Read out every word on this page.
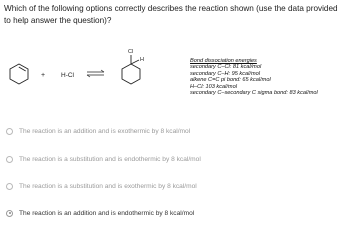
Which of the following options correctly describes the reaction shown (use the data provided to help answer the question)?
+ H-Cl
Cl
H	Bond dissociation energies
secondary C–Cl: 81 kcal/mol
secondary C–H: 95 kcal/mol
alkene C=C pi bond: 65 kcal/mol
H–Cl: 103 kcal/mol
secondary C–secondary C sigma bond: 83 kcal/mol
The reaction is an addition and is exothermic by 8 kcal/mol
The reaction is a substitution and is endothermic by 8 kcal/mol
The reaction is a substitution and is exothermic by 8 kcal/mol
The reaction is an addition and is endothermic by 8 kcal/mol
